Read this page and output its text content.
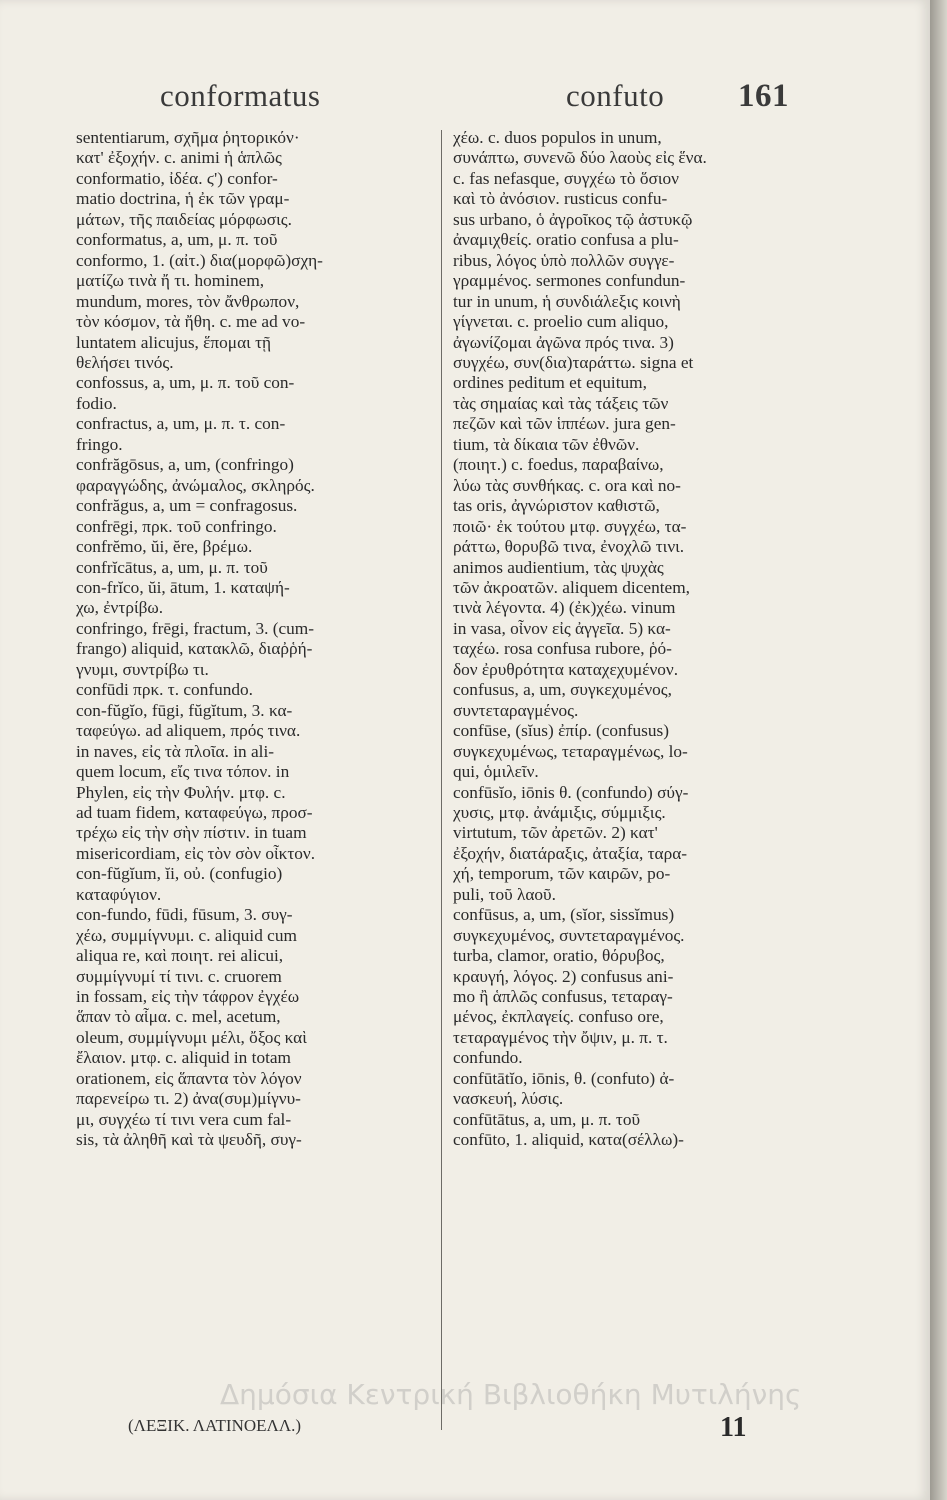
conformatus	confuto 161
sententiarum, σχῆμα ῥητορικόν·
κατ' ἐξοχήν. c. animi ἡ ἁπλῶς
conformatio, ἰδέα. ϛ') confor-
matio doctrina, ἡ ἐκ τῶν γραμ-
μάτων, τῆς παιδείας μόρφωσις.
conformatus, a, um, μ. π. τοῦ
conformo, 1. (αἰτ.) δια(μορφῶ)σχη-
ματίζω τινὰ ἤ τι. hominem,
mundum, mores, τὸν ἄνθρωπον,
τὸν κόσμον, τὰ ἤθη. c. me ad vo-
luntatem alicujus, ἕπομαι τῇ
θελήσει τινός.
confossus, a, um, μ. π. τοῦ con-
fodio.
confractus, a, um, μ. π. τ. con-
fringo.
confrăgōsus, a, um, (confringo)
φαραγγώδης, ἀνώμαλος, σκληρός.
confrăgus, a, um = confragosus.
confrēgi, πρκ. τοῦ confringo.
confrĕmo, ŭi, ĕre, βρέμω.
confrĭcātus, a, um, μ. π. τοῦ
con-frĭco, ŭi, ātum, 1. καταψή-
χω, ἐντρίβω.
confringo, frēgi, fractum, 3. (cum-
frango) aliquid, κατακλῶ, διαῤῥή-
γνυμι, συντρίβω τι.
confūdi πρκ. τ. confundo.
con-fŭgĭo, fūgi, fŭgĭtum, 3. κα-
ταφεύγω. ad aliquem, πρός τινα.
in naves, εἰς τὰ πλοῖα. in ali-
quem locum, εἴς τινα τόπον. in
Phylen, εἰς τὴν Φυλήν. μτφ. c.
ad tuam fidem, καταφεύγω, προσ-
τρέχω εἰς τὴν σὴν πίστιν. in tuam
misericordiam, εἰς τὸν σὸν οἶκτον.
con-fŭgĭum, ĭi, οὐ. (confugio)
καταφύγιον.
con-fundo, fūdi, fūsum, 3. συγ-
χέω, συμμίγνυμι. c. aliquid cum
aliqua re, καὶ ποιητ. rei alicui,
συμμίγνυμί τί τινι. c. cruorem
in fossam, εἰς τὴν τάφρον ἐγχέω
ἅπαν τὸ αἷμα. c. mel, acetum,
oleum, συμμίγνυμι μέλι, ὄξος καὶ
ἔλαιον. μτφ. c. aliquid in totam
orationem, εἰς ἅπαντα τὸν λόγον
παρενείρω τι. 2) ἀνα(συμ)μίγνυ-
μι, συγχέω τί τινι vera cum fal-
sis, τὰ ἀληθῆ καὶ τὰ ψευδῆ, συγ-
χέω. c. duos populos in unum,
συνάπτω, συνενῶ δύο λαοὺς εἰς ἕνα.
c. fas nefasque, συγχέω τὸ ὅσιον
καὶ τὸ ἀνόσιον. rusticus confu-
sus urbano, ὁ ἀγροῖκος τῷ ἀστυκῷ
ἀναμιχθείς. oratio confusa a plu-
ribus, λόγος ὑπὸ πολλῶν συγγε-
γραμμένος. sermones confundun-
tur in unum, ἡ συνδιάλεξις κοινὴ
γίγνεται. c. proelio cum aliquo,
ἀγωνίζομαι ἀγῶνα πρός τινα. 3)
συγχέω, συν(δια)ταράττω. signa et
ordines peditum et equitum,
τὰς σημαίας καὶ τὰς τάξεις τῶν
πεζῶν καὶ τῶν ἱππέων. jura gen-
tium, τὰ δίκαια τῶν ἐθνῶν.
(ποιητ.) c. foedus, παραβαίνω,
λύω τὰς συνθήκας. c. ora καὶ no-
tas oris, ἀγνώριστον καθιστῶ,
ποιῶ· ἐκ τούτου μτφ. συγχέω, τα-
ράττω, θορυβῶ τινα, ἐνοχλῶ τινι.
animos audientium, τὰς ψυχὰς
τῶν ἀκροατῶν. aliquem dicentem,
τινὰ λέγοντα. 4) (ἐκ)χέω. vinum
in vasa, οἶνον εἰς ἀγγεῖα. 5) κα-
ταχέω. rosa confusa rubore, ῥό-
δον ἐρυθρότητα καταχεχυμένον.
confusus, a, um, συγκεχυμένος,
συντεταραγμένος.
confūse, (sĭus) ἐπίρ. (confusus)
συγκεχυμένως, τεταραγμένως, lo-
qui, ὁμιλεῖν.
confūsĭo, iōnis θ. (confundo) σύγ-
χυσις, μτφ. ἀνάμιξις, σύμμιξις.
virtutum, τῶν ἀρετῶν. 2) κατ'
ἐξοχήν, διατάραξις, ἀταξία, ταρα-
χή, temporum, τῶν καιρῶν, po-
puli, τοῦ λαοῦ.
confūsus, a, um, (sĭor, sissĭmus)
συγκεχυμένος, συντεταραγμένος.
turba, clamor, oratio, θόρυβος,
κραυγή, λόγος. 2) confusus ani-
mo ἢ ἁπλῶς confusus, τεταραγ-
μένος, ἐκπλαγείς. confuso ore,
τεταραγμένος τὴν ὄψιν, μ. π. τ.
confundo.
confūtātĭo, iōnis, θ. (confuto) ἀ-
νασκευή, λύσις.
confūtātus, a, um, μ. π. τοῦ
confūto, 1. aliquid, κατα(σέλλω)-
Δημόσια Κεντρική Βιβλιοθήκη Μυτιλήνης
(ΛΕΞΙΚ. ΛΑΤΙΝΟΕΛΛ.)	11
